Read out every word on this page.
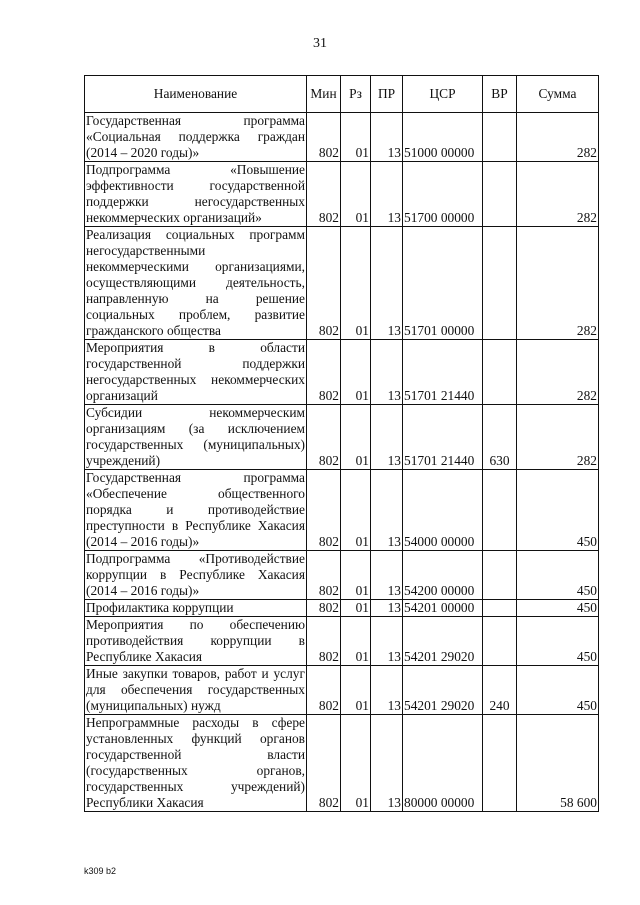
31
Наименование	Мин	Рз	ПР	ЦСР	ВР	Сумма
Государственная программа «Социальная поддержка граждан (2014 – 2020 годы)»	802	01	13	51000 00000		282
Подпрограмма «Повышение эффективности государственной поддержки негосударственных некоммерческих организаций»	802	01	13	51700 00000		282
Реализация социальных программ негосударственными некоммерческими организациями, осуществляющими деятельность, направленную на решение социальных проблем, развитие гражданского общества	802	01	13	51701 00000		282
Мероприятия в области государственной поддержки негосударственных некоммерческих организаций	802	01	13	51701 21440		282
Субсидии некоммерческим организациям (за исключением государственных (муниципальных) учреждений)	802	01	13	51701 21440	630	282
Государственная программа «Обеспечение общественного порядка и противодействие преступности в Республике Хакасия (2014 – 2016 годы)»	802	01	13	54000 00000		450
Подпрограмма «Противодействие коррупции в Республике Хакасия (2014 – 2016 годы)»	802	01	13	54200 00000		450
Профилактика коррупции	802	01	13	54201 00000		450
Мероприятия по обеспечению противодействия коррупции в Республике Хакасия	802	01	13	54201 29020		450
Иные закупки товаров, работ и услуг для обеспечения государственных (муниципальных) нужд	802	01	13	54201 29020	240	450
Непрограммные расходы в сфере установленных функций органов государственной власти (государственных органов, государственных учреждений) Республики Хакасия	802	01	13	80000 00000		58 600
k309 b2
